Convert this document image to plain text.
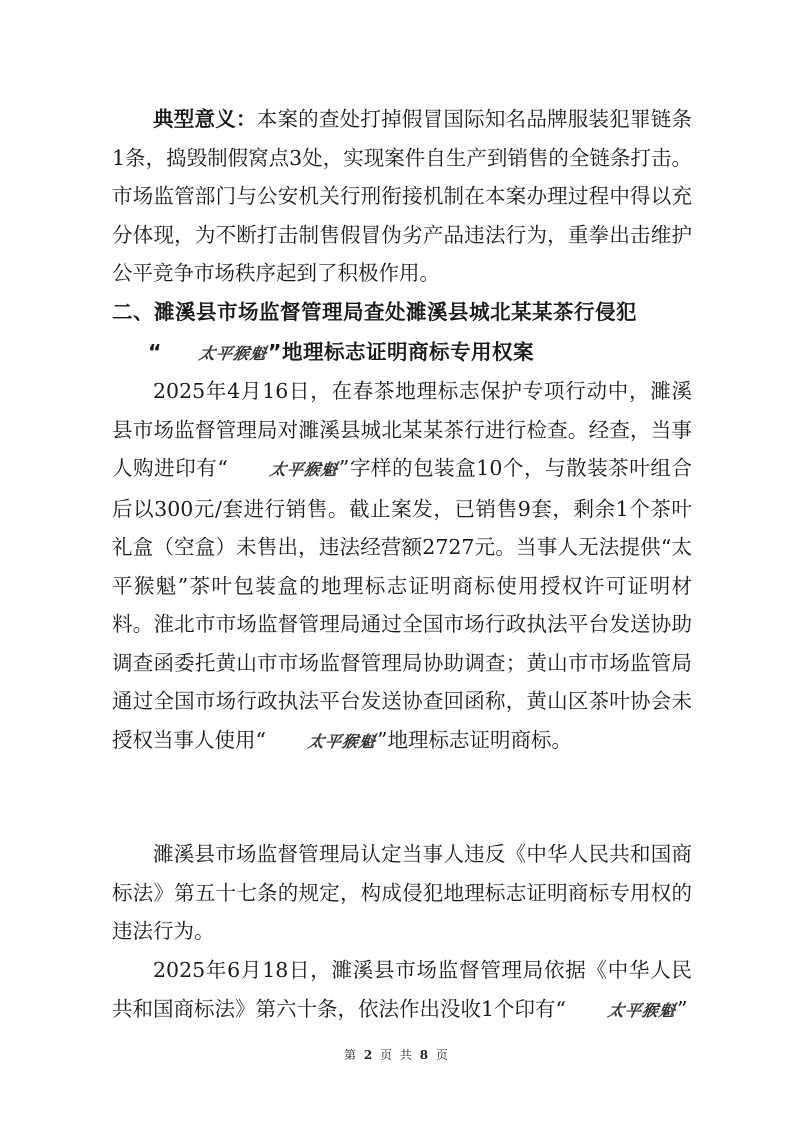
典型意义：本案的查处打掉假冒国际知名品牌服装犯罪链条1条，捣毁制假窝点3处，实现案件自生产到销售的全链条打击。市场监管部门与公安机关行刑衔接机制在本案办理过程中得以充分体现，为不断打击制售假冒伪劣产品违法行为，重拳出击维护公平竞争市场秩序起到了积极作用。

二、濉溪县市场监督管理局查处濉溪县城北某某茶行侵犯
“ 太平猴魁”地理标志证明商标专用权案

2025年4月16日，在春茶地理标志保护专项行动中，濉溪县市场监督管理局对濉溪县城北某某茶行进行检查。经查，当事人购进印有“	太平猴魁”字样的包装盒10个，与散装茶叶组合后以300元/套进行销售。截止案发，已销售9套，剩余1个茶叶礼盒（空盒）未售出，违法经营额2727元。当事人无法提供“太平猴魁”茶叶包装盒的地理标志证明商标使用授权许可证明材料。淮北市市场监督管理局通过全国市场行政执法平台发送协助调查函委托黄山市市场监督管理局协助调查；黄山市市场监管局通过全国市场行政执法平台发送协查回函称，黄山区茶叶协会未授权当事人使用“	太平猴魁”地理标志证明商标。

濉溪县市场监督管理局认定当事人违反《中华人民共和国商标法》第五十七条的规定，构成侵犯地理标志证明商标专用权的违法行为。

2025年6月18日，濉溪县市场监督管理局依据《中华人民共和国商标法》第六十条，依法作出没收1个印有“	太平猴魁”

第 2 页 共 8 页
